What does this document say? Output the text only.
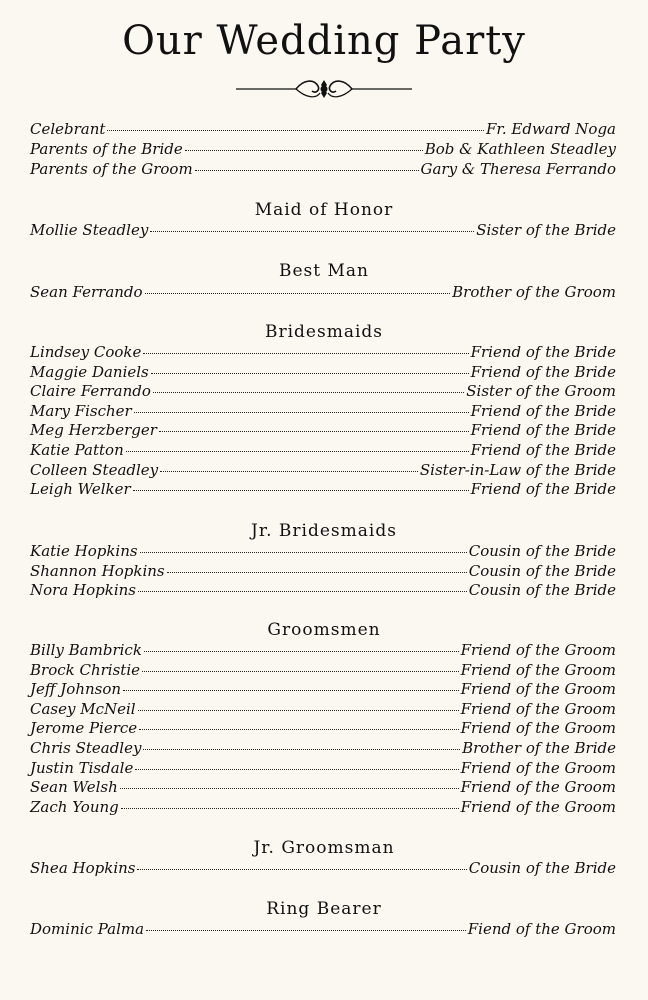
Our Wedding Party
Celebrant	Fr. Edward Noga
Parents of the Bride	Bob & Kathleen Steadley
Parents of the Groom	Gary & Theresa Ferrando
Maid of Honor
Mollie Steadley	Sister of the Bride
Best Man
Sean Ferrando	Brother of the Groom
Bridesmaids
Lindsey Cooke	Friend of the Bride
Maggie Daniels	Friend of the Bride
Claire Ferrando	Sister of the Groom
Mary Fischer	Friend of the Bride
Meg Herzberger	Friend of the Bride
Katie Patton	Friend of the Bride
Colleen Steadley	Sister-in-Law of the Bride
Leigh Welker	Friend of the Bride
Jr. Bridesmaids
Katie Hopkins	Cousin of the Bride
Shannon Hopkins	Cousin of the Bride
Nora Hopkins	Cousin of the Bride
Groomsmen
Billy Bambrick	Friend of the Groom
Brock Christie	Friend of the Groom
Jeff Johnson	Friend of the Groom
Casey McNeil	Friend of the Groom
Jerome Pierce	Friend of the Groom
Chris Steadley	Brother of the Bride
Justin Tisdale	Friend of the Groom
Sean Welsh	Friend of the Groom
Zach Young	Friend of the Groom
Jr. Groomsman
Shea Hopkins	Cousin of the Bride
Ring Bearer
Dominic Palma	Fiend of the Groom
